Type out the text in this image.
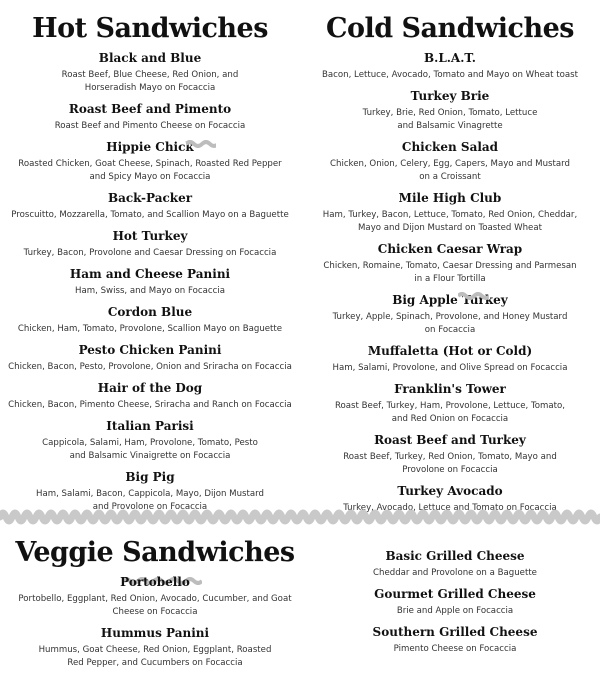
Hot Sandwiches
Black and Blue
Roast Beef, Blue Cheese, Red Onion, and
Horseradish Mayo on Focaccia
Roast Beef and Pimento
Roast Beef and Pimento Cheese on Focaccia
Hippie Chick
Roasted Chicken, Goat Cheese, Spinach, Roasted Red Pepper
and Spicy Mayo on Focaccia
Back-Packer
Proscuitto, Mozzarella, Tomato, and Scallion Mayo on a Baguette
Hot Turkey
Turkey, Bacon, Provolone and Caesar Dressing on Focaccia
Ham and Cheese Panini
Ham, Swiss, and Mayo on Focaccia
Cordon Blue
Chicken, Ham, Tomato, Provolone, Scallion Mayo on Baguette
Pesto Chicken Panini
Chicken, Bacon, Pesto, Provolone, Onion and Sriracha on Focaccia
Hair of the Dog
Chicken, Bacon, Pimento Cheese, Sriracha and Ranch on Focaccia
Italian Parisi
Cappicola, Salami, Ham, Provolone, Tomato, Pesto
and Balsamic Vinaigrette on Focaccia
Big Pig
Ham, Salami, Bacon, Cappicola, Mayo, Dijon Mustard
and Provolone on Focaccia
Cold Sandwiches
B.L.A.T.
Bacon, Lettuce, Avocado, Tomato and Mayo on Wheat toast
Turkey Brie
Turkey, Brie, Red Onion, Tomato, Lettuce
and Balsamic Vinagrette
Chicken Salad
Chicken, Onion, Celery, Egg, Capers, Mayo and Mustard
on a Croissant
Mile High Club
Ham, Turkey, Bacon, Lettuce, Tomato, Red Onion, Cheddar,
Mayo and Dijon Mustard on Toasted Wheat
Chicken Caesar Wrap
Chicken, Romaine, Tomato, Caesar Dressing and Parmesan
in a Flour Tortilla
Big Apple Turkey
Turkey, Apple, Spinach, Provolone, and Honey Mustard
on Focaccia
Muffaletta (Hot or Cold)
Ham, Salami, Provolone, and Olive Spread on Focaccia
Franklin's Tower
Roast Beef, Turkey, Ham, Provolone, Lettuce, Tomato,
and Red Onion on Focaccia
Roast Beef and Turkey
Roast Beef, Turkey, Red Onion, Tomato, Mayo and
Provolone on Focaccia
Turkey Avocado
Turkey, Avocado, Lettuce and Tomato on Focaccia
Veggie Sandwiches
Portobello
Portobello, Eggplant, Red Onion, Avocado, Cucumber, and Goat
Cheese on Focaccia
Hummus Panini
Hummus, Goat Cheese, Red Onion, Eggplant, Roasted
Red Pepper, and Cucumbers on Focaccia
Basic Grilled Cheese
Cheddar and Provolone on a Baguette
Gourmet Grilled Cheese
Brie and Apple on Focaccia
Southern Grilled Cheese
Pimento Cheese on Focaccia
